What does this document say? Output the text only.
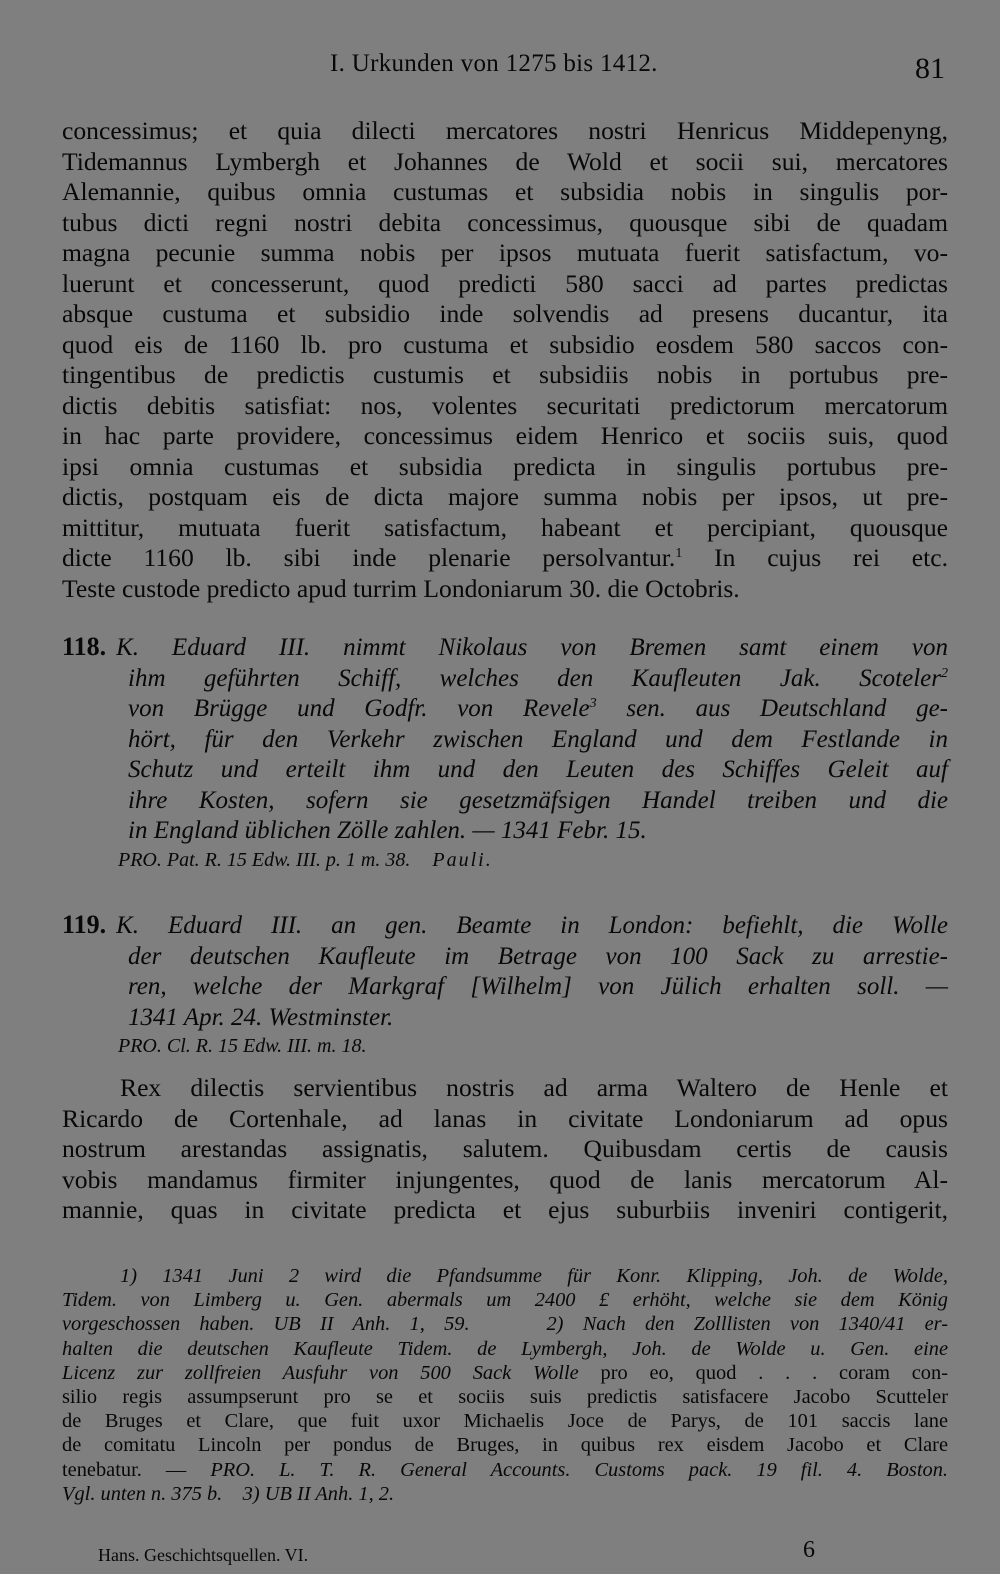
I. Urkunden von 1275 bis 1412.	81
concessimus; et quia dilecti mercatores nostri Henricus Middepenyng,
Tidemannus Lymbergh et Johannes de Wold et socii sui, mercatores
Alemannie, quibus omnia custumas et subsidia nobis in singulis por-
tubus dicti regni nostri debita concessimus, quousque sibi de quadam
magna pecunie summa nobis per ipsos mutuata fuerit satisfactum, vo-
luerunt et concesserunt, quod predicti 580 sacci ad partes predictas
absque custuma et subsidio inde solvendis ad presens ducantur, ita
quod eis de 1160 lb. pro custuma et subsidio eosdem 580 saccos con-
tingentibus de predictis custumis et subsidiis nobis in portubus pre-
dictis debitis satisfiat: nos, volentes securitati predictorum mercatorum
in hac parte providere, concessimus eidem Henrico et sociis suis, quod
ipsi omnia custumas et subsidia predicta in singulis portubus pre-
dictis, postquam eis de dicta majore summa nobis per ipsos, ut pre-
mittitur, mutuata fuerit satisfactum, habeant et percipiant, quousque
dicte 1160 lb. sibi inde plenarie persolvantur.$^1$ In cujus rei etc.
Teste custode predicto apud turrim Londoniarum 30. die Octobris.
118. K. Eduard III. nimmt Nikolaus von Bremen samt einem von
ihm geführten Schiff, welches den Kaufleuten Jak. Scoteler$^2$
von Brügge und Godfr. von Revele$^3$ sen. aus Deutschland ge-
hört, für den Verkehr zwischen England und dem Festlande in
Schutz und erteilt ihm und den Leuten des Schiffes Geleit auf
ihre Kosten, sofern sie gesetzmäfsigen Handel treiben und die
in England üblichen Zölle zahlen. — 1341 Febr. 15.
PRO. Pat. R. 15 Edw. III. p. 1 m. 38. Pauli.
119. K. Eduard III. an gen. Beamte in London: befiehlt, die Wolle
der deutschen Kaufleute im Betrage von 100 Sack zu arrestie-
ren, welche der Markgraf [Wilhelm] von Jülich erhalten soll. —
1341 Apr. 24. Westminster.
PRO. Cl. R. 15 Edw. III. m. 18.
Rex dilectis servientibus nostris ad arma Waltero de Henle et
Ricardo de Cortenhale, ad lanas in civitate Londoniarum ad opus
nostrum arestandas assignatis, salutem. Quibusdam certis de causis
vobis mandamus firmiter injungentes, quod de lanis mercatorum Al-
mannie, quas in civitate predicta et ejus suburbiis inveniri contigerit,
1) 1341 Juni 2 wird die Pfandsumme für Konr. Klipping, Joh. de Wolde,
Tidem. von Limberg u. Gen. abermals um 2400 £ erhöht, welche sie dem König
vorgeschossen haben. UB II Anh. 1, 59.	2) Nach den Zolllisten von 1340/41 er-
halten die deutschen Kaufleute Tidem. de Lymbergh, Joh. de Wolde u. Gen. eine
Licenz zur zollfreien Ausfuhr von 500 Sack Wolle pro eo, quod . . . coram con-
silio regis assumpserunt pro se et sociis suis predictis satisfacere Jacobo Scutteler
de Bruges et Clare, que fuit uxor Michaelis Joce de Parys, de 101 saccis lane
de comitatu Lincoln per pondus de Bruges, in quibus rex eisdem Jacobo et Clare
tenebatur. — PRO. L. T. R. General Accounts. Customs pack. 19 fil. 4. Boston.
Vgl. unten n. 375 b. 3) UB II Anh. 1, 2.
Hans. Geschichtsquellen. VI.	6
